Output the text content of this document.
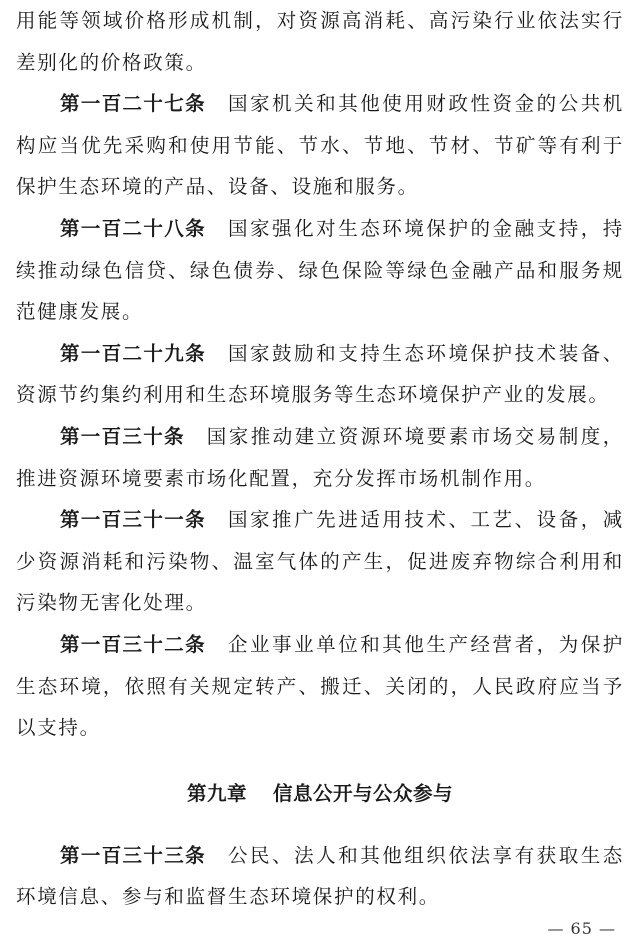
用能等领域价格形成机制，对资源高消耗、高污染行业依法实行差别化的价格政策。

第一百二十七条 国家机关和其他使用财政性资金的公共机构应当优先采购和使用节能、节水、节地、节材、节矿等有利于保护生态环境的产品、设备、设施和服务。

第一百二十八条 国家强化对生态环境保护的金融支持，持续推动绿色信贷、绿色债券、绿色保险等绿色金融产品和服务规范健康发展。

第一百二十九条 国家鼓励和支持生态环境保护技术装备、资源节约集约利用和生态环境服务等生态环境保护产业的发展。

第一百三十条 国家推动建立资源环境要素市场交易制度，推进资源环境要素市场化配置，充分发挥市场机制作用。

第一百三十一条 国家推广先进适用技术、工艺、设备，减少资源消耗和污染物、温室气体的产生，促进废弃物综合利用和污染物无害化处理。

第一百三十二条 企业事业单位和其他生产经营者，为保护生态环境，依照有关规定转产、搬迁、关闭的，人民政府应当予以支持。

第九章 信息公开与公众参与

第一百三十三条 公民、法人和其他组织依法享有获取生态环境信息、参与和监督生态环境保护的权利。

— 65 —
